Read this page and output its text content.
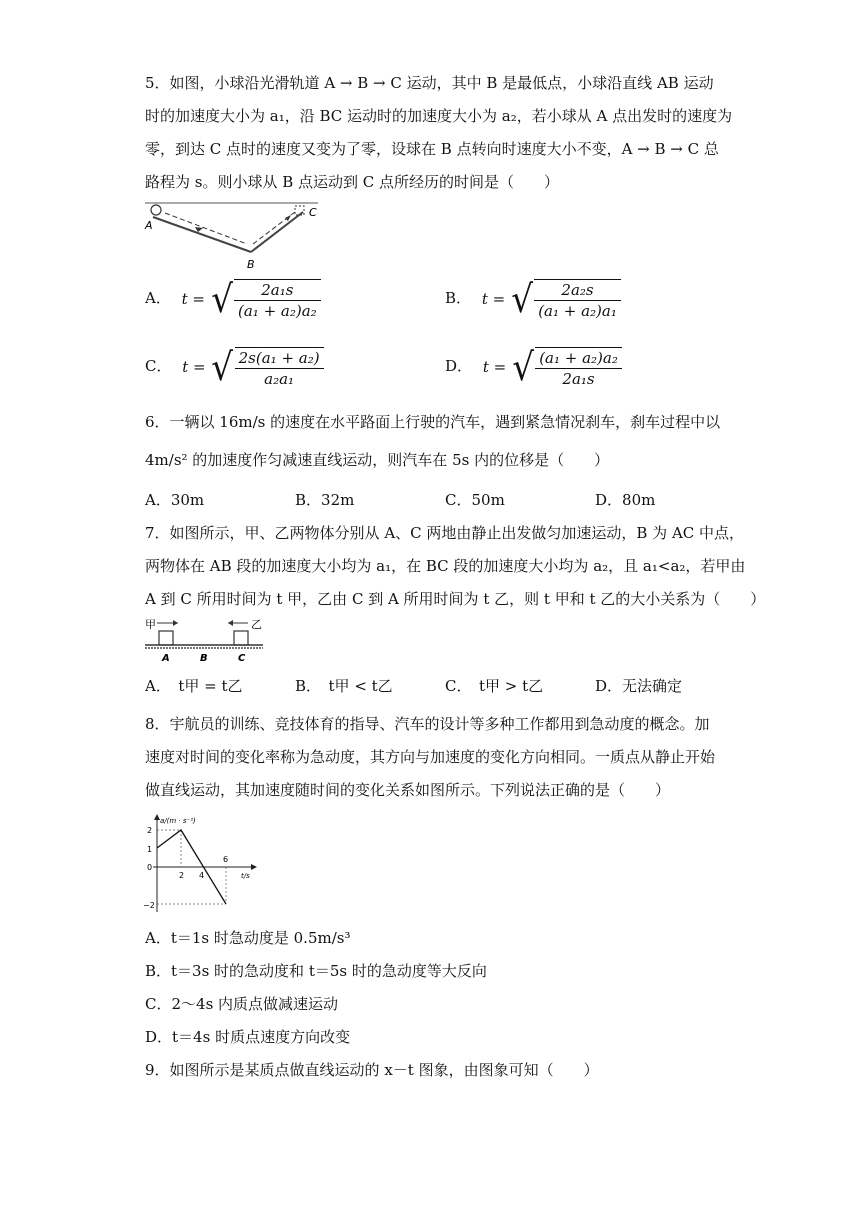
5．如图，小球沿光滑轨道 A → B → C 运动，其中 B 是最低点，小球沿直线 AB 运动
时的加速度大小为 a₁，沿 BC 运动时的加速度大小为 a₂，若小球从 A 点出发时的速度为
零，到达 C 点时的速度又变为了零，设球在 B 点转向时速度大小不变，A → B → C 总
路程为 s。则小球从 B 点运动到 C 点所经历的时间是（　　）
A
B
C
A． t = √ $\frac{\text{2a₁s}}{\text{(a₁ + a₂)a₂}}$	B． t = √ $\frac{\text{2a₂s}}{\text{(a₁ + a₂)a₁}}$
C． t = √ $\frac{\text{2s(a₁ + a₂)}}{\text{a₂a₁}}$	D． t = √ $\frac{\text{(a₁ + a₂)a₂}}{\text{2a₁s}}$
6．一辆以 16m/s 的速度在水平路面上行驶的汽车，遇到紧急情况刹车，刹车过程中以
4m/s² 的加速度作匀减速直线运动，则汽车在 5s 内的位移是（　　）
A．30m	B．32m	C．50m	D．80m
7．如图所示，甲、乙两物体分别从 A、C 两地由静止出发做匀加速运动，B 为 AC 中点，
两物体在 AB 段的加速度大小均为 a₁，在 BC 段的加速度大小均为 a₂，且 a₁<a₂，若甲由
A 到 C 所用时间为 t 甲，乙由 C 到 A 所用时间为 t 乙，则 t 甲和 t 乙的大小关系为（　　）
甲	乙
A	B	C
A．　t甲 = t乙	B．　t甲 < t乙	C．　t甲 > t乙	D．无法确定
8．宇航员的训练、竞技体育的指导、汽车的设计等多种工作都用到急动度的概念。加
速度对时间的变化率称为急动度，其方向与加速度的变化方向相同。一质点从静止开始
做直线运动，其加速度随时间的变化关系如图所示。下列说法正确的是（　　）
a/(m · s⁻²)
t/s
2
1
0
−2
2 4
6
A．t＝1s 时急动度是 0.5m/s³
B．t＝3s 时的急动度和 t＝5s 时的急动度等大反向
C．2～4s 内质点做减速运动
D．t＝4s 时质点速度方向改变
9．如图所示是某质点做直线运动的 x－t 图象，由图象可知（　　）
